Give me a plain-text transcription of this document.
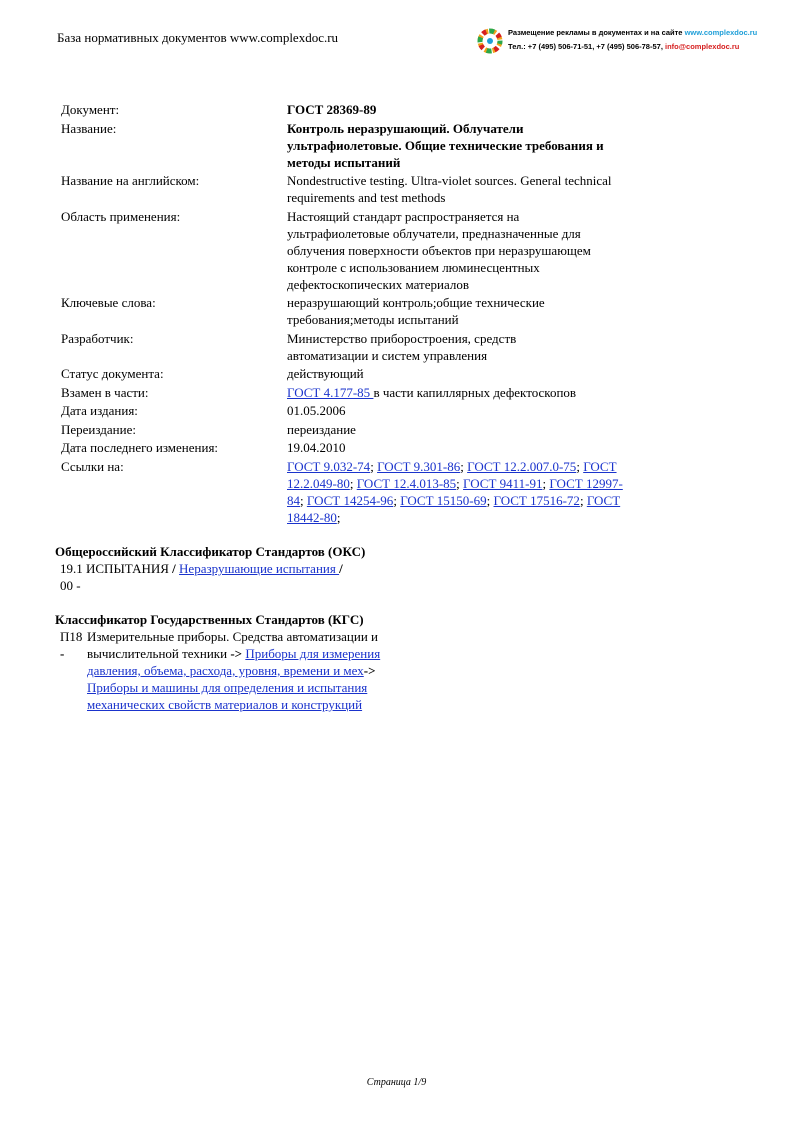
База нормативных документов www.complexdoc.ru	Размещение рекламы в документах и на сайте www.complexdoc.ru
Тел.: +7 (495) 506-71-51, +7 (495) 506-78-57, info@complexdoc.ru
Документ:	ГОСТ 28369-89
Название:	Контроль неразрушающий. Облучатели ультрафиолетовые. Общие технические требования и методы испытаний
Название на английском:	Nondestructive testing. Ultra-violet sources. General technical requirements and test methods
Область применения:	Настоящий стандарт распространяется на ультрафиолетовые облучатели, предназначенные для облучения поверхности объектов при неразрушающем контроле с использованием люминесцентных дефектоскопических материалов
Ключевые слова:	неразрушающий контроль;общие технические требования;методы испытаний
Разработчик:	Министерство приборостроения, средств автоматизации и систем управления
Статус документа:	действующий
Взамен в части:	ГОСТ 4.177-85 в части капиллярных дефектоскопов
Дата издания:	01.05.2006
Переиздание:	переиздание
Дата последнего изменения:	19.04.2010
Ссылки на:	ГОСТ 9.032-74; ГОСТ 9.301-86; ГОСТ 12.2.007.0-75; ГОСТ 12.2.049-80; ГОСТ 12.4.013-85; ГОСТ 9411-91; ГОСТ 12997-84; ГОСТ 14254-96; ГОСТ 15150-69; ГОСТ 17516-72; ГОСТ 18442-80;
Общероссийский Классификатор Стандартов (ОКС)
19.1 ИСПЫТАНИЯ / Неразрушающие испытания /
00 -
Классификатор Государственных Стандартов (КГС)
П18
-
Измерительные приборы. Средства автоматизации и вычислительной техники -> Приборы для измерения давления, объема, расхода, уровня, времени и мех->
Приборы и машины для определения и испытания механических свойств материалов и конструкций
Страница 1/9
